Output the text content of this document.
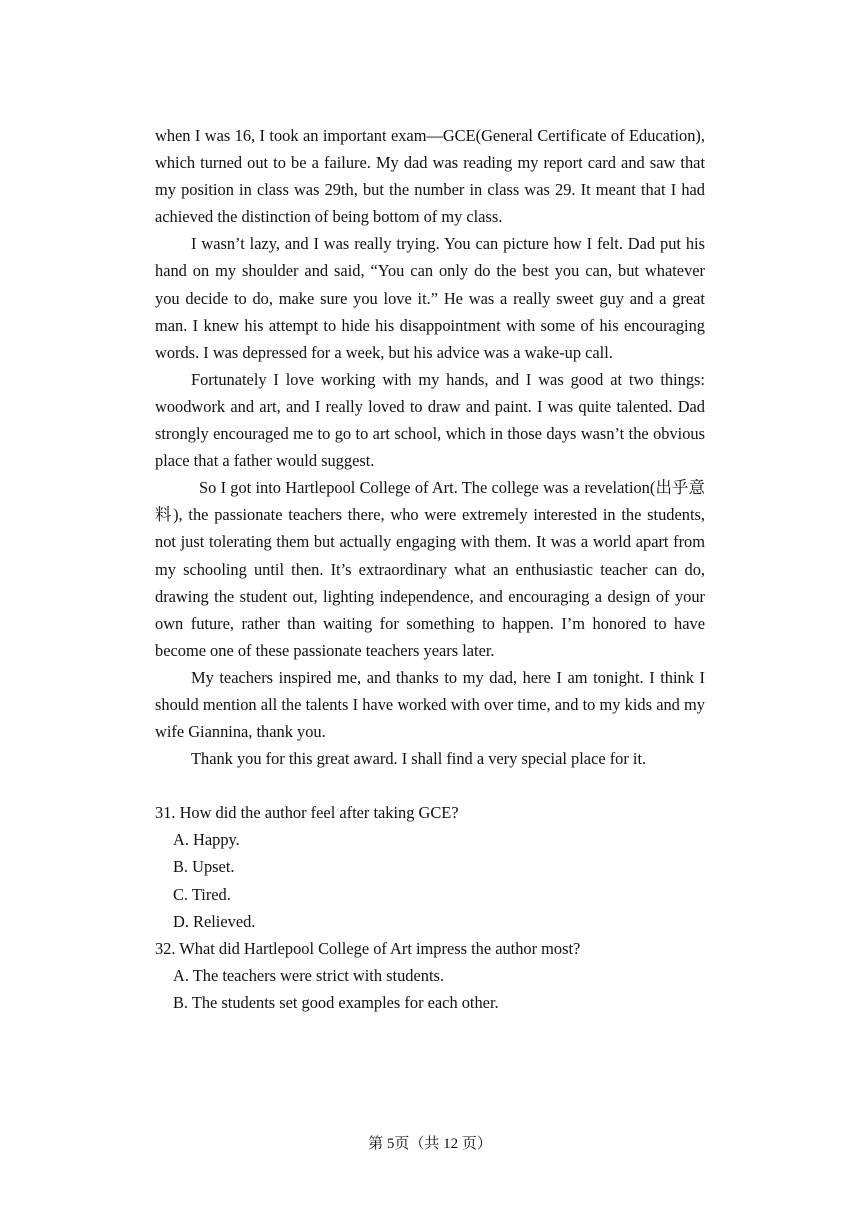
when I was 16, I took an important exam—GCE(General Certificate of Education), which turned out to be a failure. My dad was reading my report card and saw that my position in class was 29th, but the number in class was 29. It meant that I had achieved the distinction of being bottom of my class.

I wasn’t lazy, and I was really trying. You can picture how I felt. Dad put his hand on my shoulder and said, “You can only do the best you can, but whatever you decide to do, make sure you love it.” He was a really sweet guy and a great man. I knew his attempt to hide his disappointment with some of his encouraging words. I was depressed for a week, but his advice was a wake-up call.

Fortunately I love working with my hands, and I was good at two things: woodwork and art, and I really loved to draw and paint. I was quite talented. Dad strongly encouraged me to go to art school, which in those days wasn’t the obvious place that a father would suggest.

So I got into Hartlepool College of Art. The college was a revelation(出乎意料), the passionate teachers there, who were extremely interested in the students, not just tolerating them but actually engaging with them. It was a world apart from my schooling until then. It’s extraordinary what an enthusiastic teacher can do, drawing the student out, lighting independence, and encouraging a design of your own future, rather than waiting for something to happen. I’m honored to have become one of these passionate teachers years later.

My teachers inspired me, and thanks to my dad, here I am tonight. I think I should mention all the talents I have worked with over time, and to my kids and my wife Giannina, thank you.

Thank you for this great award. I shall find a very special place for it.

31. How did the author feel after taking GCE?

A. Happy.

B. Upset.

C. Tired.

D. Relieved.

32. What did Hartlepool College of Art impress the author most?

A. The teachers were strict with students.

B. The students set good examples for each other.

第 5页（共 12 页）
